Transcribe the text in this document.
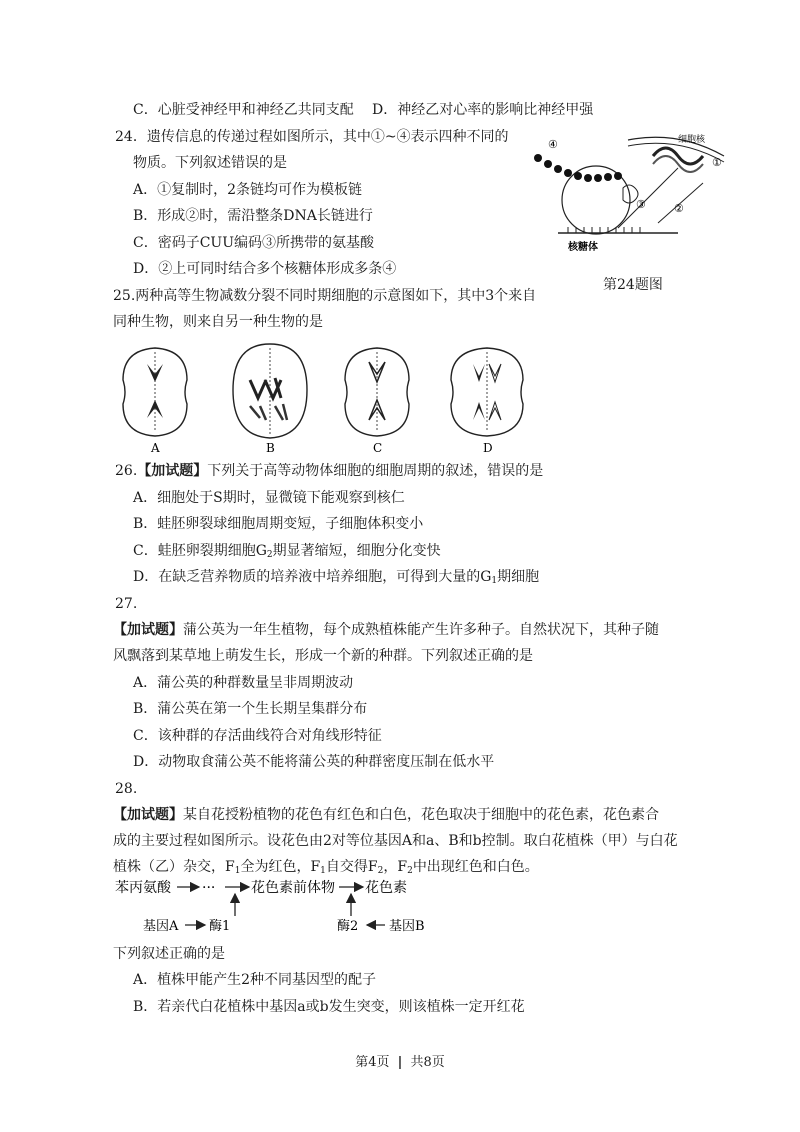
C．心脏受神经甲和神经乙共同支配 D．神经乙对心率的影响比神经甲强
24．遗传信息的传递过程如图所示，其中①~④表示四种不同的
物质。下列叙述错误的是
A．①复制时，2条链均可作为模板链
B．形成②时，需沿整条DNA长链进行
C．密码子CUU编码③所携带的氨基酸
D．②上可同时结合多个核糖体形成多条④
细胞核
核糖体
①
②
③
④
第24题图
25.两种高等生物减数分裂不同时期细胞的示意图如下，其中3个来自
同种生物，则来自另一种生物的是
A	B	C	D
26.【加试题】下列关于高等动物体细胞的细胞周期的叙述，错误的是
A．细胞处于S期时，显微镜下能观察到核仁
B．蛙胚卵裂球细胞周期变短，子细胞体积变小
C．蛙胚卵裂期细胞$G_2$期显著缩短，细胞分化变快
D．在缺乏营养物质的培养液中培养细胞，可得到大量的$G_1$期细胞
27.
【加试题】蒲公英为一年生植物，每个成熟植株能产生许多种子。自然状况下，其种子随
风飘落到某草地上萌发生长，形成一个新的种群。下列叙述正确的是
A．蒲公英的种群数量呈非周期波动
B．蒲公英在第一个生长期呈集群分布
C．该种群的存活曲线符合对角线形特征
D．动物取食蒲公英不能将蒲公英的种群密度压制在低水平
28.
【加试题】某自花授粉植物的花色有红色和白色，花色取决于细胞中的花色素，花色素合
成的主要过程如图所示。设花色由2对等位基因A和a、B和b控制。取白花植株（甲）与白花
植株（乙）杂交，$F_1$全为红色，$F_1$自交得$F_2$，$F_2$中出现红色和白色。
苯丙氨酸 ···	花色素前体物 花色素
基因A 酶1	酶2 基因B
下列叙述正确的是
A．植株甲能产生2种不同基因型的配子
B．若亲代白花植株中基因a或b发生突变，则该植株一定开红花
第4页 | 共8页
